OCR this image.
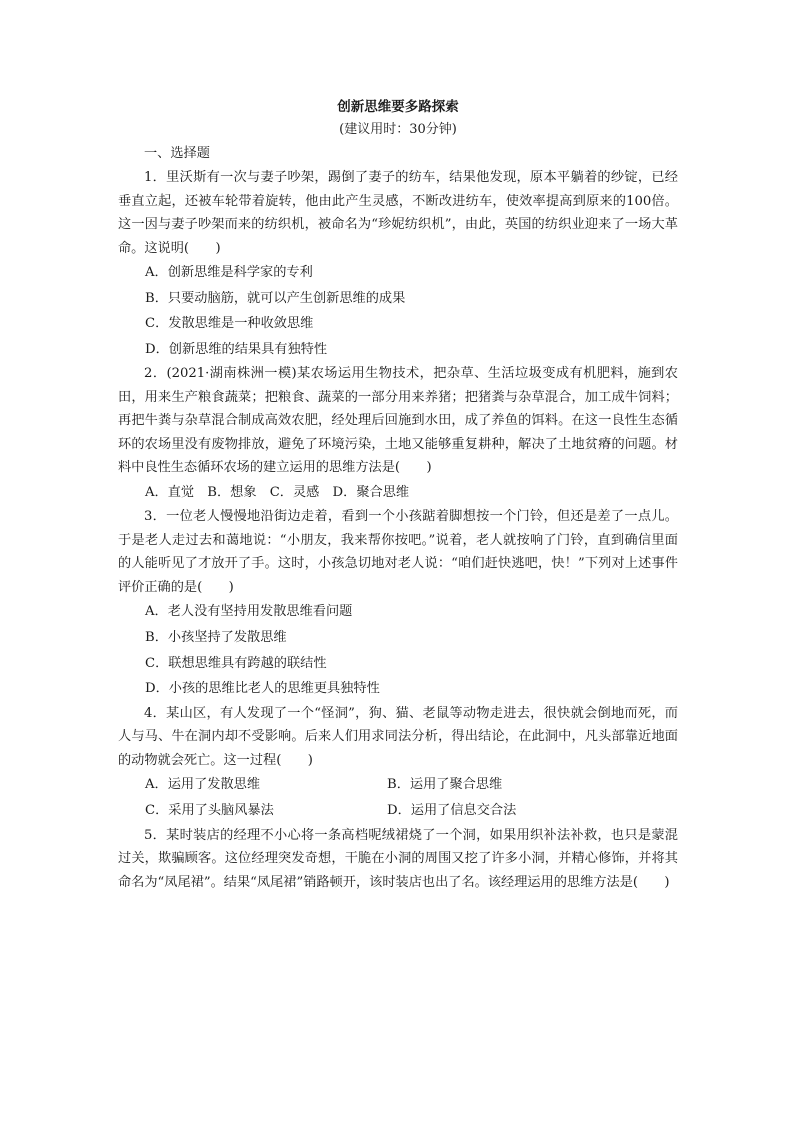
创新思维要多路探索

(建议用时：30分钟)

一、选择题

1．里沃斯有一次与妻子吵架，踢倒了妻子的纺车，结果他发现，原本平躺着的纱锭，已经垂直立起，还被车轮带着旋转，他由此产生灵感，不断改进纺车，使效率提高到原来的100倍。这一因与妻子吵架而来的纺织机，被命名为“珍妮纺织机”，由此，英国的纺织业迎来了一场大革命。这说明(　　)

A．创新思维是科学家的专利

B．只要动脑筋，就可以产生创新思维的成果

C．发散思维是一种收敛思维

D．创新思维的结果具有独特性

2．(2021·湖南株洲一模)某农场运用生物技术，把杂草、生活垃圾变成有机肥料，施到农田，用来生产粮食蔬菜；把粮食、蔬菜的一部分用来养猪；把猪粪与杂草混合，加工成牛饲料；再把牛粪与杂草混合制成高效农肥，经处理后回施到水田，成了养鱼的饵料。在这一良性生态循环的农场里没有废物排放，避免了环境污染，土地又能够重复耕种，解决了土地贫瘠的问题。材料中良性生态循环农场的建立运用的思维方法是(　　)

A．直觉　B．想象　C．灵感　D．聚合思维

3．一位老人慢慢地沿街边走着，看到一个小孩踮着脚想按一个门铃，但还是差了一点儿。于是老人走过去和蔼地说：“小朋友，我来帮你按吧。”说着，老人就按响了门铃，直到确信里面的人能听见了才放开了手。这时，小孩急切地对老人说：“咱们赶快逃吧，快！”下列对上述事件评价正确的是(　　)

A．老人没有坚持用发散思维看问题

B．小孩坚持了发散思维

C．联想思维具有跨越的联结性

D．小孩的思维比老人的思维更具独特性

4．某山区，有人发现了一个“怪洞”，狗、猫、老鼠等动物走进去，很快就会倒地而死，而人与马、牛在洞内却不受影响。后来人们用求同法分析，得出结论，在此洞中，凡头部靠近地面的动物就会死亡。这一过程(　　)

A．运用了发散思维	B．运用了聚合思维
C．采用了头脑风暴法	D．运用了信息交合法

5．某时装店的经理不小心将一条高档呢绒裙烧了一个洞，如果用织补法补救，也只是蒙混过关，欺骗顾客。这位经理突发奇想，干脆在小洞的周围又挖了许多小洞，并精心修饰，并将其命名为“凤尾裙”。结果“凤尾裙”销路顿开，该时装店也出了名。该经理运用的思维方法是(　　)
